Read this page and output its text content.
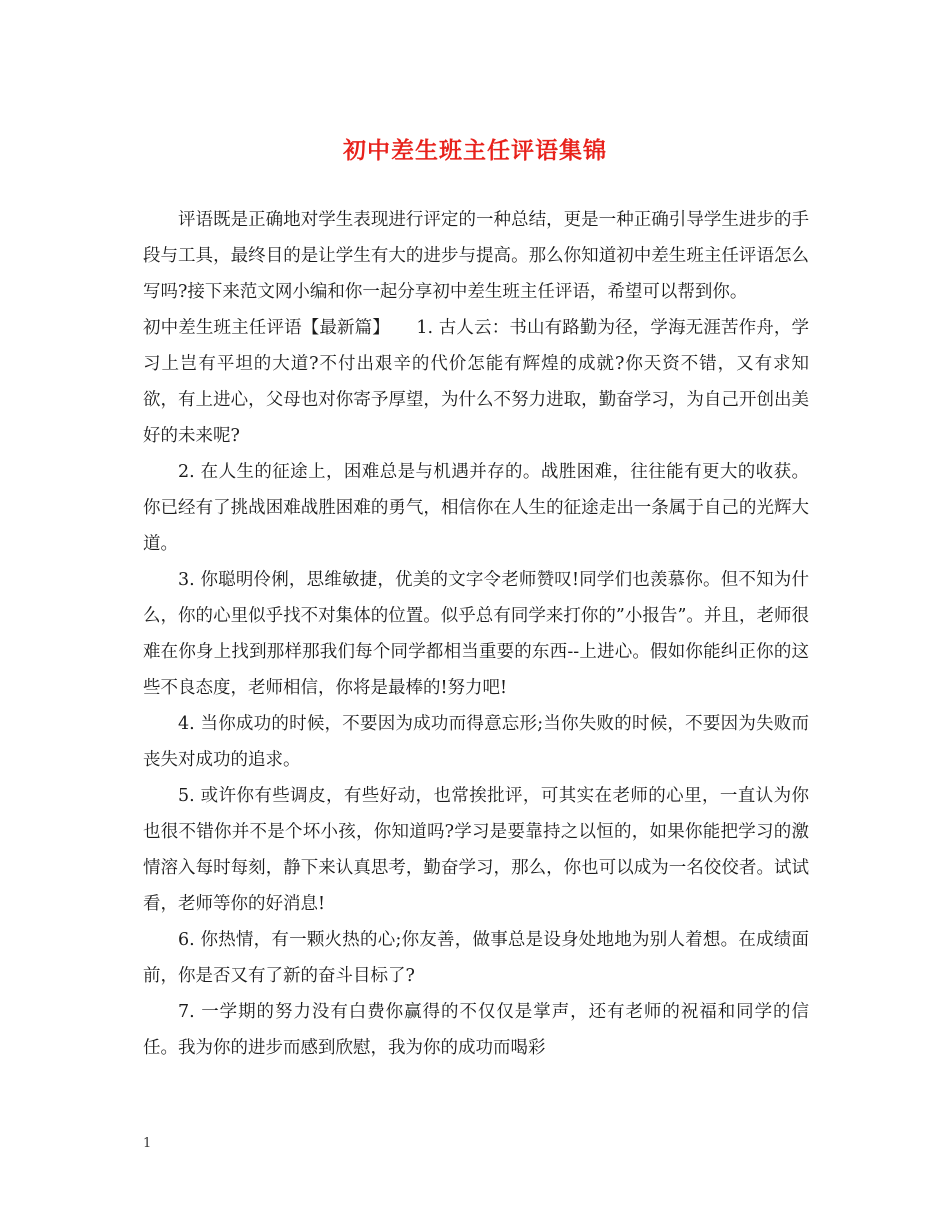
初中差生班主任评语集锦

评语既是正确地对学生表现进行评定的一种总结，更是一种正确引导学生进步的手段与工具，最终目的是让学生有大的进步与提高。那么你知道初中差生班主任评语怎么写吗?接下来范文网小编和你一起分享初中差生班主任评语，希望可以帮到你。

初中差生班主任评语【最新篇】　　1. 古人云：书山有路勤为径，学海无涯苦作舟，学习上岂有平坦的大道?不付出艰辛的代价怎能有辉煌的成就?你天资不错，又有求知欲，有上进心，父母也对你寄予厚望，为什么不努力进取，勤奋学习，为自己开创出美好的未来呢?

2. 在人生的征途上，困难总是与机遇并存的。战胜困难，往往能有更大的收获。你已经有了挑战困难战胜困难的勇气，相信你在人生的征途走出一条属于自己的光辉大道。

3. 你聪明伶俐，思维敏捷，优美的文字令老师赞叹!同学们也羡慕你。但不知为什么，你的心里似乎找不对集体的位置。似乎总有同学来打你的”小报告”。并且，老师很难在你身上找到那样那我们每个同学都相当重要的东西--上进心。假如你能纠正你的这些不良态度，老师相信，你将是最棒的!努力吧!

4. 当你成功的时候，不要因为成功而得意忘形;当你失败的时候，不要因为失败而丧失对成功的追求。

5. 或许你有些调皮，有些好动，也常挨批评，可其实在老师的心里，一直认为你也很不错你并不是个坏小孩，你知道吗?学习是要靠持之以恒的，如果你能把学习的激情溶入每时每刻，静下来认真思考，勤奋学习，那么，你也可以成为一名佼佼者。试试看，老师等你的好消息!

6. 你热情，有一颗火热的心;你友善，做事总是设身处地地为别人着想。在成绩面前，你是否又有了新的奋斗目标了?

7. 一学期的努力没有白费你赢得的不仅仅是掌声，还有老师的祝福和同学的信任。我为你的进步而感到欣慰，我为你的成功而喝彩

1
